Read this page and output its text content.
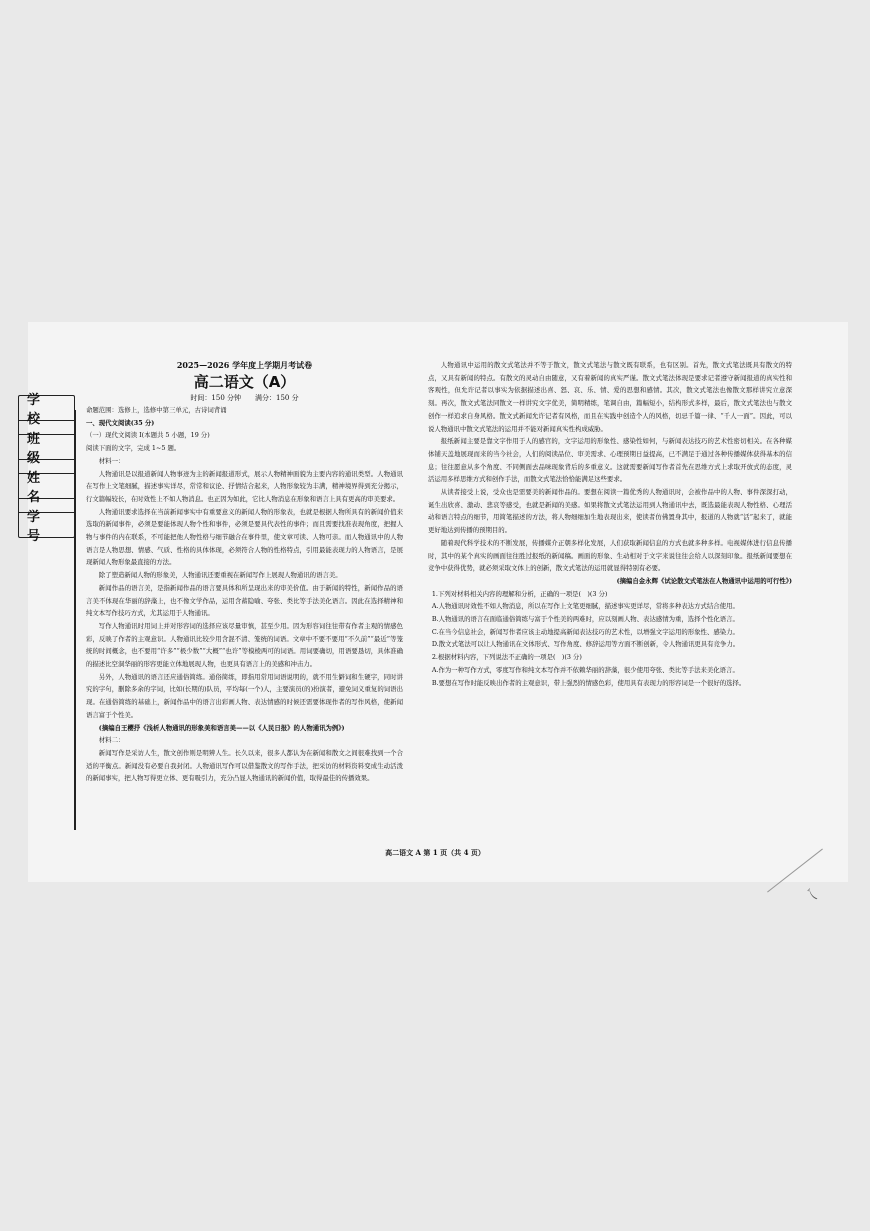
学 校
班 级
姓 名
学 号
2025—2026 学年度上学期月考试卷
高二语文（A）
时间：150 分钟　　满分：150 分
命题范围：选修上，选修中第三单元，古诗词背诵
一、现代文阅读(35 分)
（一）现代文阅读 I(本题共 5 小题，19 分)
阅读下面的文字，完成 1~5 题。
材料一：
人物通讯是以报道新闻人物事迹为主的新闻报道形式，展示人物精神面貌为主要内容的通讯类型。人物通讯在写作上文笔细腻，描述事实详尽，常常和议论、抒情结合起来，人物形象较为丰满，精神境界得到充分揭示，行文篇幅较长，在时效性上不如人物消息。也正因为如此，它比人物消息在形象和语言上具有更高的审美要求。
人物通讯要求选择在当前新闻事实中有重要意义的新闻人物的形象表，也就是根据人物所具有的新闻价值来选取的新闻事件，必须是要能体现人物个性和事件，必须是要具代表性的事件；而且需要找准表现角度，把握人物与事件的内在联系，不可能把他人物性格与细节融合在事件里，使文章可读、人物可亲。而人物通讯中的人物语言是人物思想、情感、气质、性格的具体体现，必须符合人物的性格特点，引用最能表现力的人物语言，是展现新闻人物形象最直接的方法。
除了塑造新闻人物的形象美，人物通讯还要重视在新闻写作上展现人物通讯的语言美。
新闻作品的语言美，是指新闻作品的语言要具体和所呈现出来的审美价值。由于新闻的特性，新闻作品的语言美不体现在华丽的辞藻上，也不像文学作品，运用含蓄隐喻、夸张、类比等手法美化语言。因此在选择精神和纯文本写作技巧方式，尤其运用于人物通讯。
写作人物通讯时用词上并对形容词的选择应该尽量审慎，甚至少用。因为形容词往往带有作者主观的情感色彩，反映了作者的主观意识。人物通讯比较少用含混不清、笼统的词语。文章中不要不要用“不久前”“最近”等笼统的时间概念，也不要用“许多”“极少数”“大概”“也许”等模棱两可的词语。用词要确切，用语要恳切，具体准确的描述比空洞华丽的形容更能立体地展现人物，也更具有语言上的美感和冲击力。
另外，人物通讯的语言还应通俗简练。通俗简练，即指用常用词语说明的，就不用生僻词和生硬字，同时讲究的字句，删除多余的字词，比如(长期的)队员，平均每(一个)人，主要演员(的)扮演者，避免词义重复的词语出现。在通俗简练的基础上，新闻作品中的语言出彩画人物、表达情感的时候还需要体现作者的写作风格，使新闻语言富于个性美。
(摘编自王樱抒《浅析人物通讯的形象美和语言美——以《人民日报》的人物通讯为例》)
材料二：
新闻写作是采访人生，散文创作则是明辨人生。长久以来，很多人都认为在新闻和散文之间很难找到一个合适的平衡点。新闻没有必要自我封闭。人物通讯写作可以借鉴散文的写作手法，把采访的材料资料变成生动活泼的新闻事实，把人物写得更立体、更有吸引力，充分凸显人物通讯的新闻价值，取得最佳的传播效果。
人物通讯中运用的散文式笔法并不等于散文，散文式笔法与散文既有联系，也有区别。首先，散文式笔法既具有散文的特点，又具有新闻的特点。有散文的灵动自由随意，又有着新闻的真实严谨。散文式笔法体现是要求记者遵守新闻报道的真实性和客观性，但允许记者以事实为依据描述出喜、怒、哀、乐、情、爱的思想和感情。其次，散文式笔法也像散文那样讲究立意深刻。再次，散文式笔法同散文一样讲究文字优美，简明精练，笔调自由，篇幅短小，结构形式多样，最后，散文式笔法也与散文创作一样追求自身风格。散文式新闻允许记者有风格，而且在实践中创造个人的风格，切忌千篇一律、“千人一面”。因此，可以说人物通讯中散文式笔法的运用并不能对新闻真实性构成威胁。
报纸新闻主要是靠文字作用于人的感官的，文字运用的形象性、感染性如何，与新闻表达技巧的艺术性密切相关。在各种媒体铺天盖地展现而来的当今社会，人们的阅读品位、审美需求、心理预期日益提高，已不满足于通过各种传播媒体获得基本的信息；往往愿意从多个角度、不同侧面去品味现象背后的多重意义。这就需要新闻写作者首先在思维方式上求取开放式的态度，灵活运用多样思维方式和创作手法，而散文式笔法恰恰能满足这些要求。
从读者接受上说，受众也是需要美的新闻作品的。要想在阅读一篇优秀的人物通讯时，会被作品中的人物、事件深深打动，诞生出欣喜、激动、悲哀等感受，也就是新闻的美感。如果将散文式笔法运用到人物通讯中去，既选最能表现人物性格、心理活动和语言特点的细节，用简笔描述的方法，将人物细细加生地表现出来，使读者仿佛置身其中，报道的人物就“活”起来了，就能更好地达到传播的预期目的。
随着现代科学技术的不断发展，传播媒介正朝多样化发展，人们获取新闻信息的方式也就多种多样。电视媒体进行信息传播时，其中的某个真实的画面往往胜过报纸的新闻稿。画面的形象、生动相对于文字来说往往会给人以深刻印象。报纸新闻要想在竞争中获得优势，就必须采取文体上的创新，散文式笔法的运用就显得特别有必要。
(摘编自金永辉《试论散文式笔法在人物通讯中运用的可行性》)
1.下列对材料相关内容的理解和分析，正确的一项是(　)(3 分)
A.人物通讯时效性不如人物消息，所以在写作上文笔更细腻，描述事实更详尽，常将多种表达方式结合使用。
B.人物通讯的语言在面临通俗简练与富于个性美的两难时，应以刻画人物、表达感情为重，选择个性化语言。
C.在当今信息社会，新闻写作者应该主动地提高新闻表达技巧的艺术性，以增强文字运用的形象性、感染力。
D.散文式笔法可以让人物通讯在文体形式、写作角度、修辞运用等方面不断创新，令人物通讯更具有竞争力。
2.根据材料内容，下列说法不正确的一项是(　)(3 分)
A.作为一种写作方式，零度写作和纯文本写作并不依赖华丽的辞藻，很少使用夸张、类比等手法来美化语言。
B.要想在写作时能反映出作者的主观意识，带上强烈的情感色彩，使用具有表现力的形容词是一个很好的选择。
高二语文 A 第 1 页（共 4 页）
乀
